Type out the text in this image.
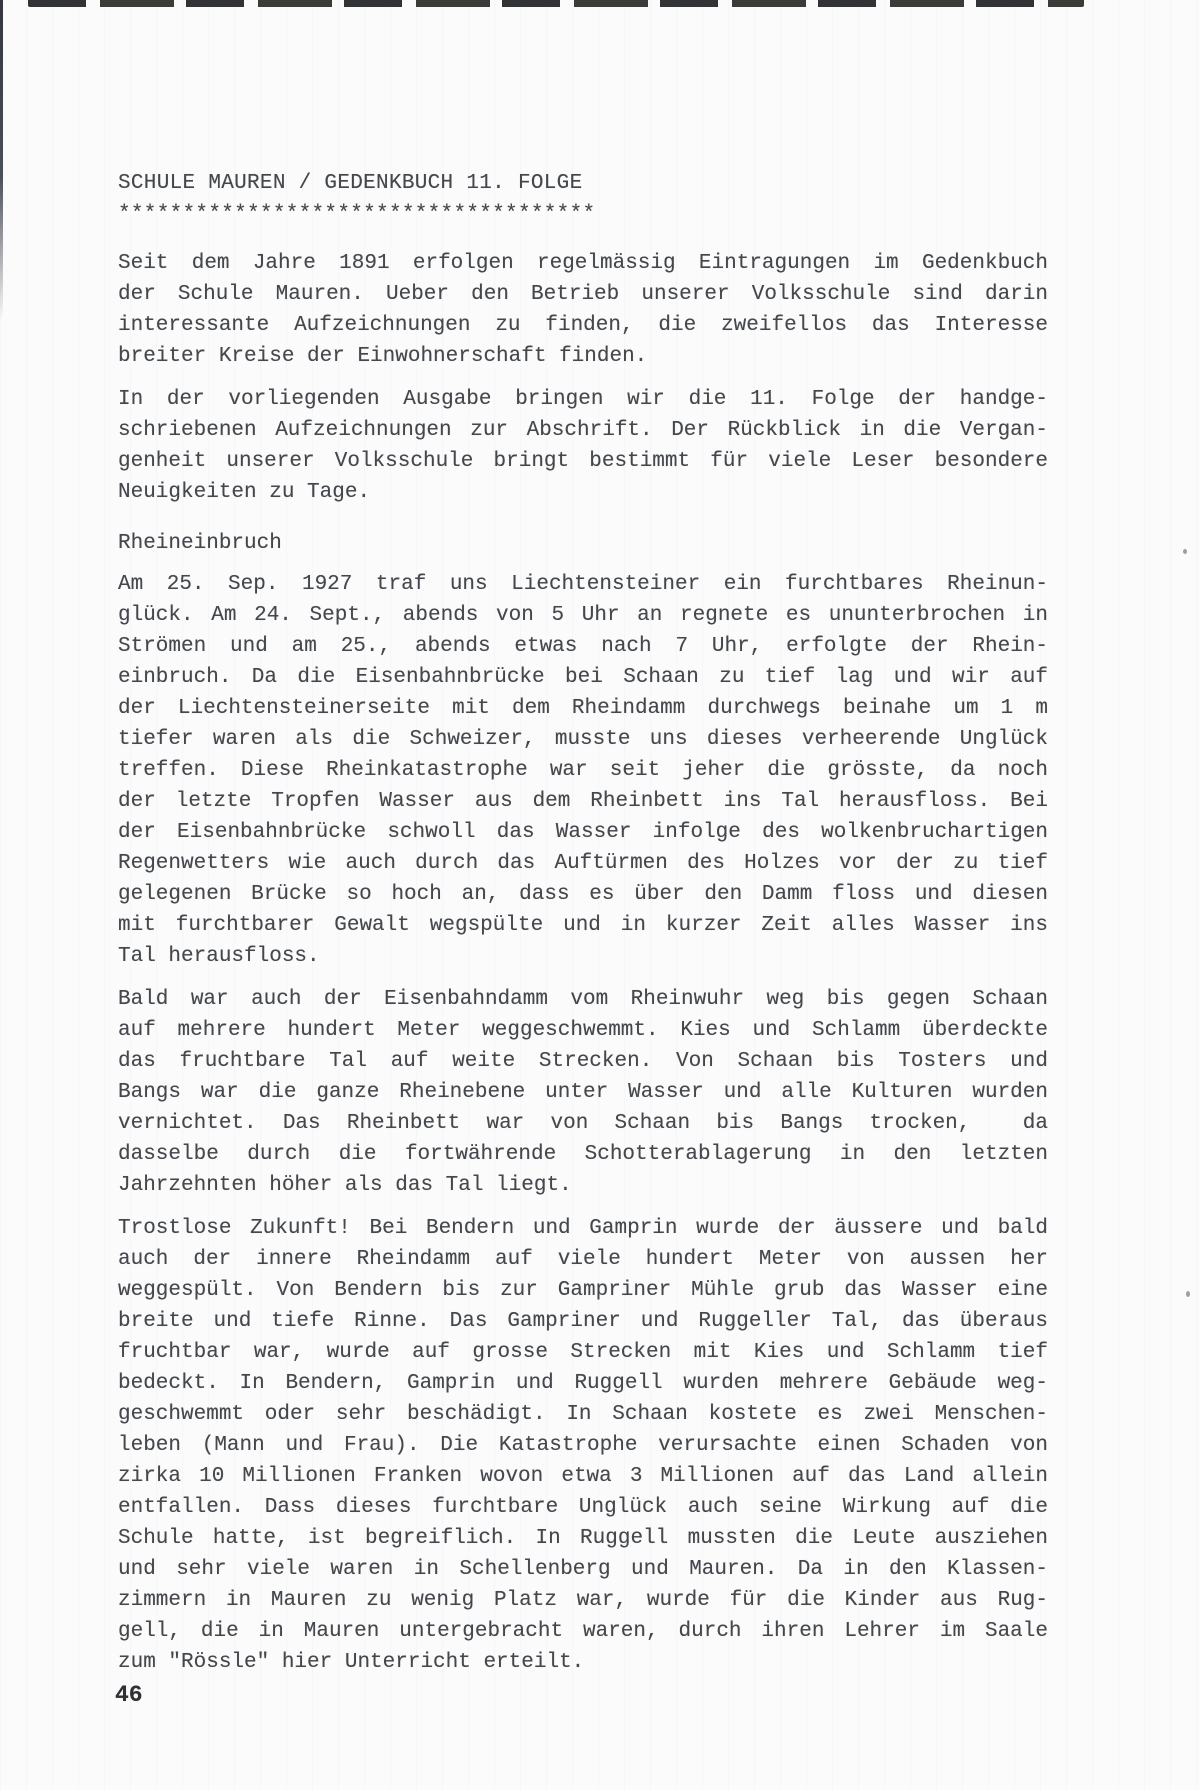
SCHULE MAUREN / GEDENKBUCH 11. FOLGE
*************************************
Seit dem Jahre 1891 erfolgen regelmässig Eintragungen im Gedenkbuch
der Schule Mauren. Ueber den Betrieb unserer Volksschule sind darin
interessante Aufzeichnungen zu finden, die zweifellos das Interesse
breiter Kreise der Einwohnerschaft finden.
In der vorliegenden Ausgabe bringen wir die 11. Folge der handge-
schriebenen Aufzeichnungen zur Abschrift. Der Rückblick in die Vergan-
genheit unserer Volksschule bringt bestimmt für viele Leser besondere
Neuigkeiten zu Tage.
Rheineinbruch
Am 25. Sep. 1927 traf uns Liechtensteiner ein furchtbares Rheinun-
glück. Am 24. Sept., abends von 5 Uhr an regnete es ununterbrochen in
Strömen und am 25., abends etwas nach 7 Uhr, erfolgte der Rhein-
einbruch. Da die Eisenbahnbrücke bei Schaan zu tief lag und wir auf
der Liechtensteinerseite mit dem Rheindamm durchwegs beinahe um 1 m
tiefer waren als die Schweizer, musste uns dieses verheerende Unglück
treffen. Diese Rheinkatastrophe war seit jeher die grösste, da noch
der letzte Tropfen Wasser aus dem Rheinbett ins Tal herausfloss. Bei
der Eisenbahnbrücke schwoll das Wasser infolge des wolkenbruchartigen
Regenwetters wie auch durch das Auftürmen des Holzes vor der zu tief
gelegenen Brücke so hoch an, dass es über den Damm floss und diesen
mit furchtbarer Gewalt wegspülte und in kurzer Zeit alles Wasser ins
Tal herausfloss.
Bald war auch der Eisenbahndamm vom Rheinwuhr weg bis gegen Schaan
auf mehrere hundert Meter weggeschwemmt. Kies und Schlamm überdeckte
das fruchtbare Tal auf weite Strecken. Von Schaan bis Tosters und
Bangs war die ganze Rheinebene unter Wasser und alle Kulturen wurden
vernichtet. Das Rheinbett war von Schaan bis Bangs trocken,  da
dasselbe durch die fortwährende Schotterablagerung in den letzten
Jahrzehnten höher als das Tal liegt.
Trostlose Zukunft! Bei Bendern und Gamprin wurde der äussere und bald
auch der innere Rheindamm auf viele hundert Meter von aussen her
weggespült. Von Bendern bis zur Gampriner Mühle grub das Wasser eine
breite und tiefe Rinne. Das Gampriner und Ruggeller Tal, das überaus
fruchtbar war, wurde auf grosse Strecken mit Kies und Schlamm tief
bedeckt. In Bendern, Gamprin und Ruggell wurden mehrere Gebäude weg-
geschwemmt oder sehr beschädigt. In Schaan kostete es zwei Menschen-
leben (Mann und Frau). Die Katastrophe verursachte einen Schaden von
zirka 10 Millionen Franken wovon etwa 3 Millionen auf das Land allein
entfallen. Dass dieses furchtbare Unglück auch seine Wirkung auf die
Schule hatte, ist begreiflich. In Ruggell mussten die Leute ausziehen
und sehr viele waren in Schellenberg und Mauren. Da in den Klassen-
zimmern in Mauren zu wenig Platz war, wurde für die Kinder aus Rug-
gell, die in Mauren untergebracht waren, durch ihren Lehrer im Saale
zum "Rössle" hier Unterricht erteilt.
46
